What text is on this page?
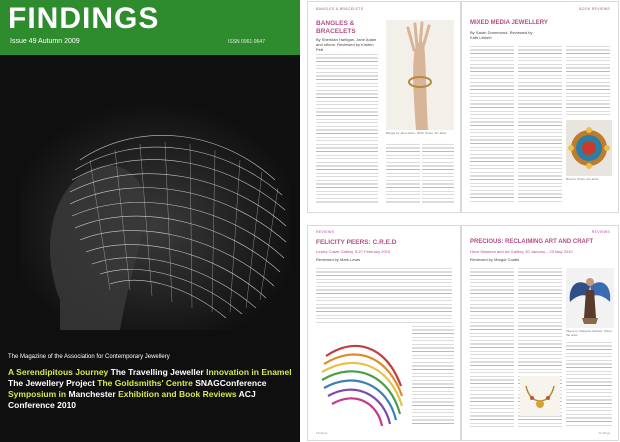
FINDINGS
Issue 49 Autumn 2009	ISSN 0961-9647
The Magazine of the Association for Contemporary Jewellery
A Serendipitous Journey The Travelling Jeweller Innovation in Enamel The Jewellery Project The Goldsmiths' Centre SNAGConference Symposium in Manchester Exhibition and Book Reviews ACJ Conference 2010
BANGLES & BRACELETS
BANGLES & BRACELETS
By Sheridan Hartigan, Jane Adam and others. Reviewed by Kirsten Pett
Bangle by Jane Adam, 2009. Photo: the artist
BOOK REVIEWS
MIXED MEDIA JEWELLERY
By Sarah Drummond. Reviewed by Kath Libbert
Brooch. Photo: the artist
REVIEWS
FELICITY PEERS: C.R.E.D
Lesley Craze Gallery, 5-27 February 2010
Reviewed by Mark Lewis
Findings
REVIEWS
PRECIOUS: RECLAIMING ART AND CRAFT
Hove Museum and Art Gallery, 30 January – 23 May 2010
Reviewed by Margot Coatts
Figure by Margaret Ashbee. Photo: the artist
Findings
